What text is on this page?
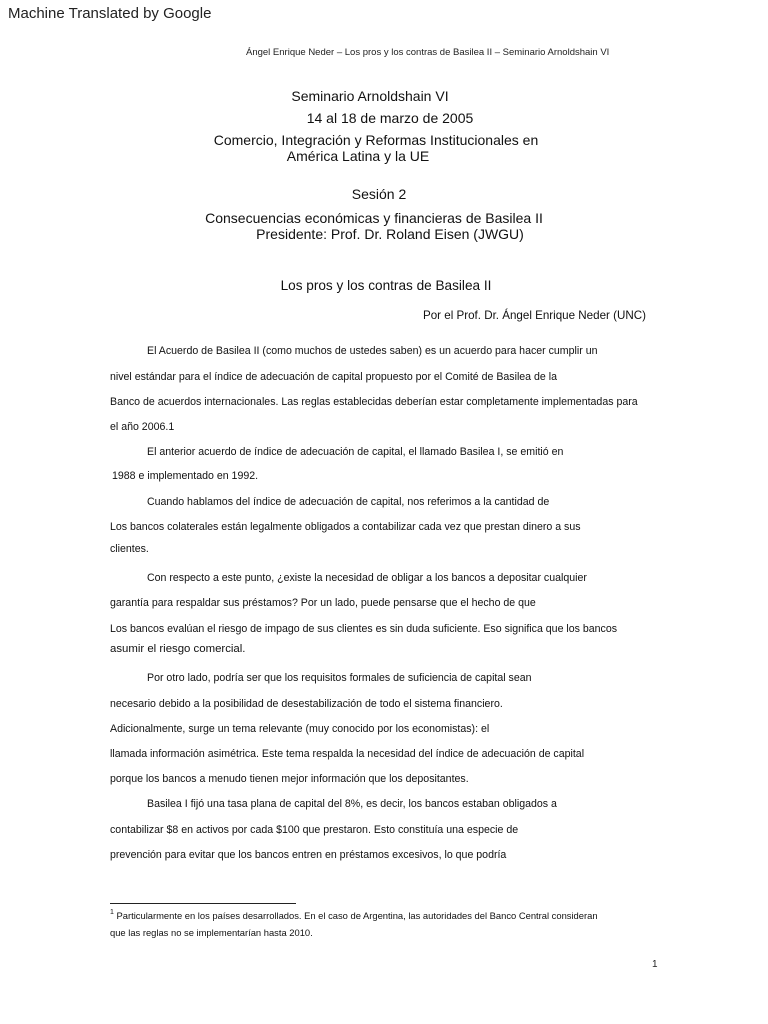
Machine Translated by Google
Ángel Enrique Neder – Los pros y los contras de Basilea II – Seminario Arnoldshain VI
Seminario Arnoldshain VI
14 al 18 de marzo de 2005
Comercio, Integración y Reformas Institucionales en
América Latina y la UE
Sesión 2
Consecuencias económicas y financieras de Basilea II
Presidente: Prof. Dr. Roland Eisen (JWGU)
Los pros y los contras de Basilea II
Por el Prof. Dr. Ángel Enrique Neder (UNC)
El Acuerdo de Basilea II (como muchos de ustedes saben) es un acuerdo para hacer cumplir un
nivel estándar para el índice de adecuación de capital propuesto por el Comité de Basilea de la
Banco de acuerdos internacionales. Las reglas establecidas deberían estar completamente implementadas para
el año 2006.1
El anterior acuerdo de índice de adecuación de capital, el llamado Basilea I, se emitió en
1988 e implementado en 1992.
Cuando hablamos del índice de adecuación de capital, nos referimos a la cantidad de
Los bancos colaterales están legalmente obligados a contabilizar cada vez que prestan dinero a sus
clientes.
Con respecto a este punto, ¿existe la necesidad de obligar a los bancos a depositar cualquier
garantía para respaldar sus préstamos? Por un lado, puede pensarse que el hecho de que
Los bancos evalúan el riesgo de impago de sus clientes es sin duda suficiente. Eso significa que los bancos
asumir el riesgo comercial.
Por otro lado, podría ser que los requisitos formales de suficiencia de capital sean
necesario debido a la posibilidad de desestabilización de todo el sistema financiero.
Adicionalmente, surge un tema relevante (muy conocido por los economistas): el
llamada información asimétrica. Este tema respalda la necesidad del índice de adecuación de capital
porque los bancos a menudo tienen mejor información que los depositantes.
Basilea I fijó una tasa plana de capital del 8%, es decir, los bancos estaban obligados a
contabilizar $8 en activos por cada $100 que prestaron. Esto constituía una especie de
prevención para evitar que los bancos entren en préstamos excesivos, lo que podría
$^1$ Particularmente en los países desarrollados. En el caso de Argentina, las autoridades del Banco Central consideran
que las reglas no se implementarían hasta 2010.
1
